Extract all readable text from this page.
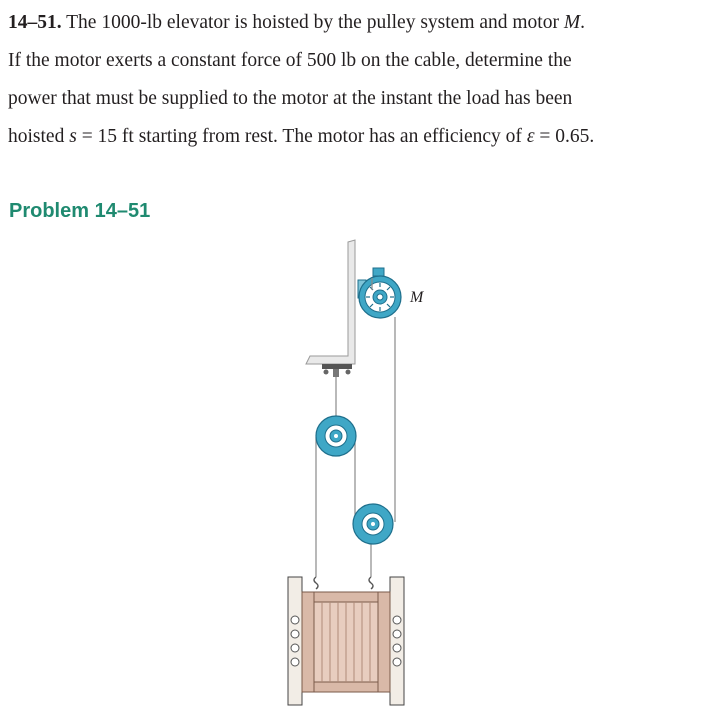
14–51. The 1000-lb elevator is hoisted by the pulley system and motor M.
If the motor exerts a constant force of 500 lb on the cable, determine the
power that must be supplied to the motor at the instant the load has been
hoisted s = 15 ft starting from rest. The motor has an efficiency of ε = 0.65.

Problem 14–51
M
